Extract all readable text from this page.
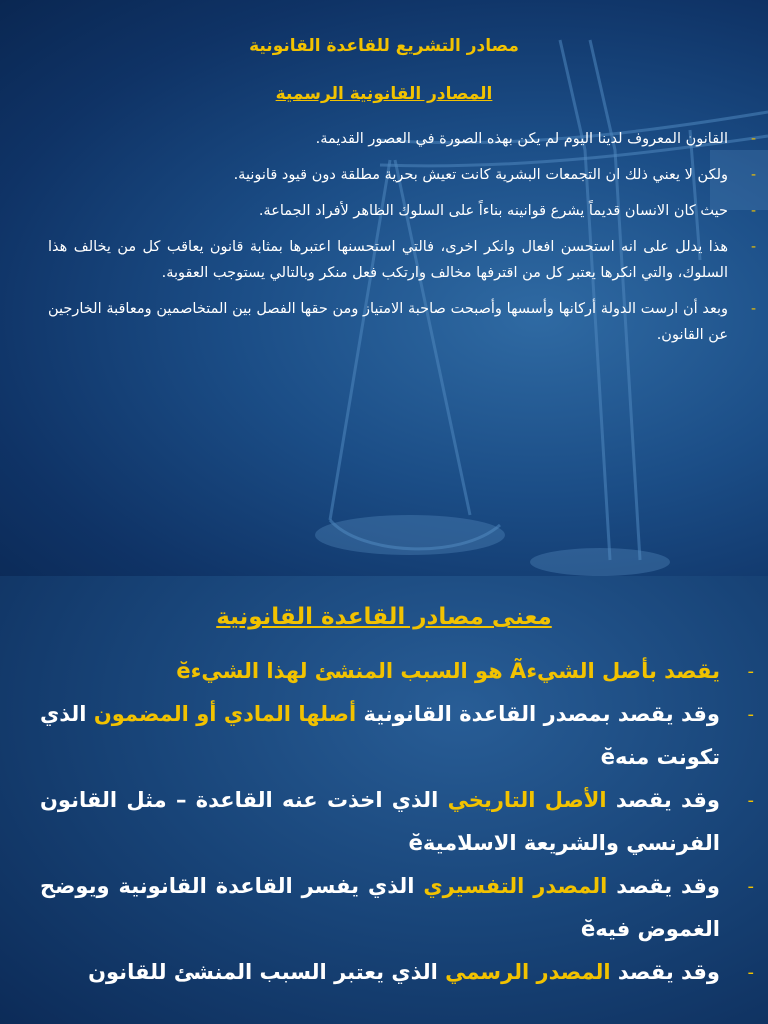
مصادر التشريع للقاعدة القانونية
المصادر القانونية الرسمية
-
القانون المعروف لدينا اليوم لم يكن بهذه الصورة في العصور القديمة.
-
ولكن لا يعني ذلك ان التجمعات البشرية كانت تعيش بحرية مطلقة دون قيود قانونية.
-
حيث كان الانسان قديماً يشرع قوانينه بناءاً على السلوك الظاهر لأفراد الجماعة.
-
هذا يدلل على انه استحسن افعال وانكر اخرى، فالتي استحسنها اعتبرها بمثابة قانون يعاقب كل من يخالف هذا السلوك، والتي انكرها يعتبر كل من اقترفها مخالف وارتكب فعل منكر وبالتالي يستوجب العقوبة.
-
وبعد أن ارست الدولة أركانها وأسسها وأصبحت صاحبة الامتياز ومن حقها الفصل بين المتخاصمين ومعاقبة الخارجين عن القانون.
معنى مصادر القاعدة القانونية
-
يقصد بأصل الشيءÃ هو السبب المنشئ لهذا الشيءĕ
-
وقد يقصد بمصدر القاعدة القانونية أصلها المادي أو المضمون الذي تكونت منهĕ
-
وقد يقصد الأصل التاريخي الذي اخذت عنه القاعدة – مثل القانون الفرنسي والشريعة الاسلاميةĕ
-
وقد يقصد المصدر التفسيري الذي يفسر القاعدة القانونية ويوضح الغموض فيهĕ
-
وقد يقصد المصدر الرسمي الذي يعتبر السبب المنشئ للقانون
